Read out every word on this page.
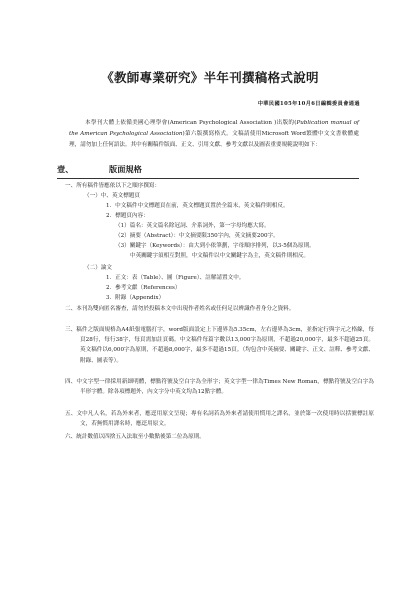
《教師專業研究》半年刊撰稿格式說明
中華民國105年10月6日編輯委員會通過
本學刊大體上依循美國心理學會(American Psychological Association )出版的(Publication manual of the American Psychological Association)第六版撰寫格式。文稿請使用Microsoft Word繁體中文文書軟體處理，請勿加上任何語法。其中有關稿件版面、正文、引用文獻、參考文獻以及圖表重要規範說明如下：
壹、	版面規格
一、所有稿件皆應依以下之順序撰寫：
（一）中、英文標題頁
1．中文稿件中文標題頁在前，英文標題頁置於全篇末，英文稿件則相反。
2．標題頁內容：
（1）篇名：英文篇名除冠詞、介系詞外，第一字母均應大寫。
（2）摘要（Abstract）：中文摘要限350字內，英文摘要200字。
（3）關鍵字（Keywords）：由大到小依筆劃，字母順序排列，以3-5個為原則。
中英關鍵字須相互對照，中文稿件以中文關鍵字為主，英文稿件則相反。
（二）論文
1．正文：表（Table）、圖（Figure）、註解請置文中。
2．參考文獻（References）
3．附錄（Appendix）
二、本刊為雙向匿名審查，請勿於投稿本文中出現作者姓名或任何足以辨識作者身分之資料。
三、稿件之版面規格為A4紙張電腦打字，word版面設定上下邊界為5.35cm，左右邊界為3cm，並指定行與字元之格線，每頁28行，每行38字，每頁需加註頁碼。中文稿件每篇字數以13,000字為原則，不超過20,000字，最多不超過25頁。英文稿件以6,000字為原則，不超過8,000字，最多不超過15頁。（均包含中英摘要、關鍵字、正文、註釋、參考文獻、附錄、圖表等）。
四、中文字型一律採用新細明體，標點符號及空白字為全形字；英文字型一律為Times New Roman，標點符號及空白字為半形字體。除各項標題外，內文字分中英文均為12點字體。
五、文中凡人名，若為外來者，應逕用原文呈現；專有名詞若為外來者請使用慣用之譯名，並於第一次使用時以括號標註原文，若無慣用譯名時，應逕用原文。
六、統計數值以四捨五入法取至小數點後第二位為原則。
